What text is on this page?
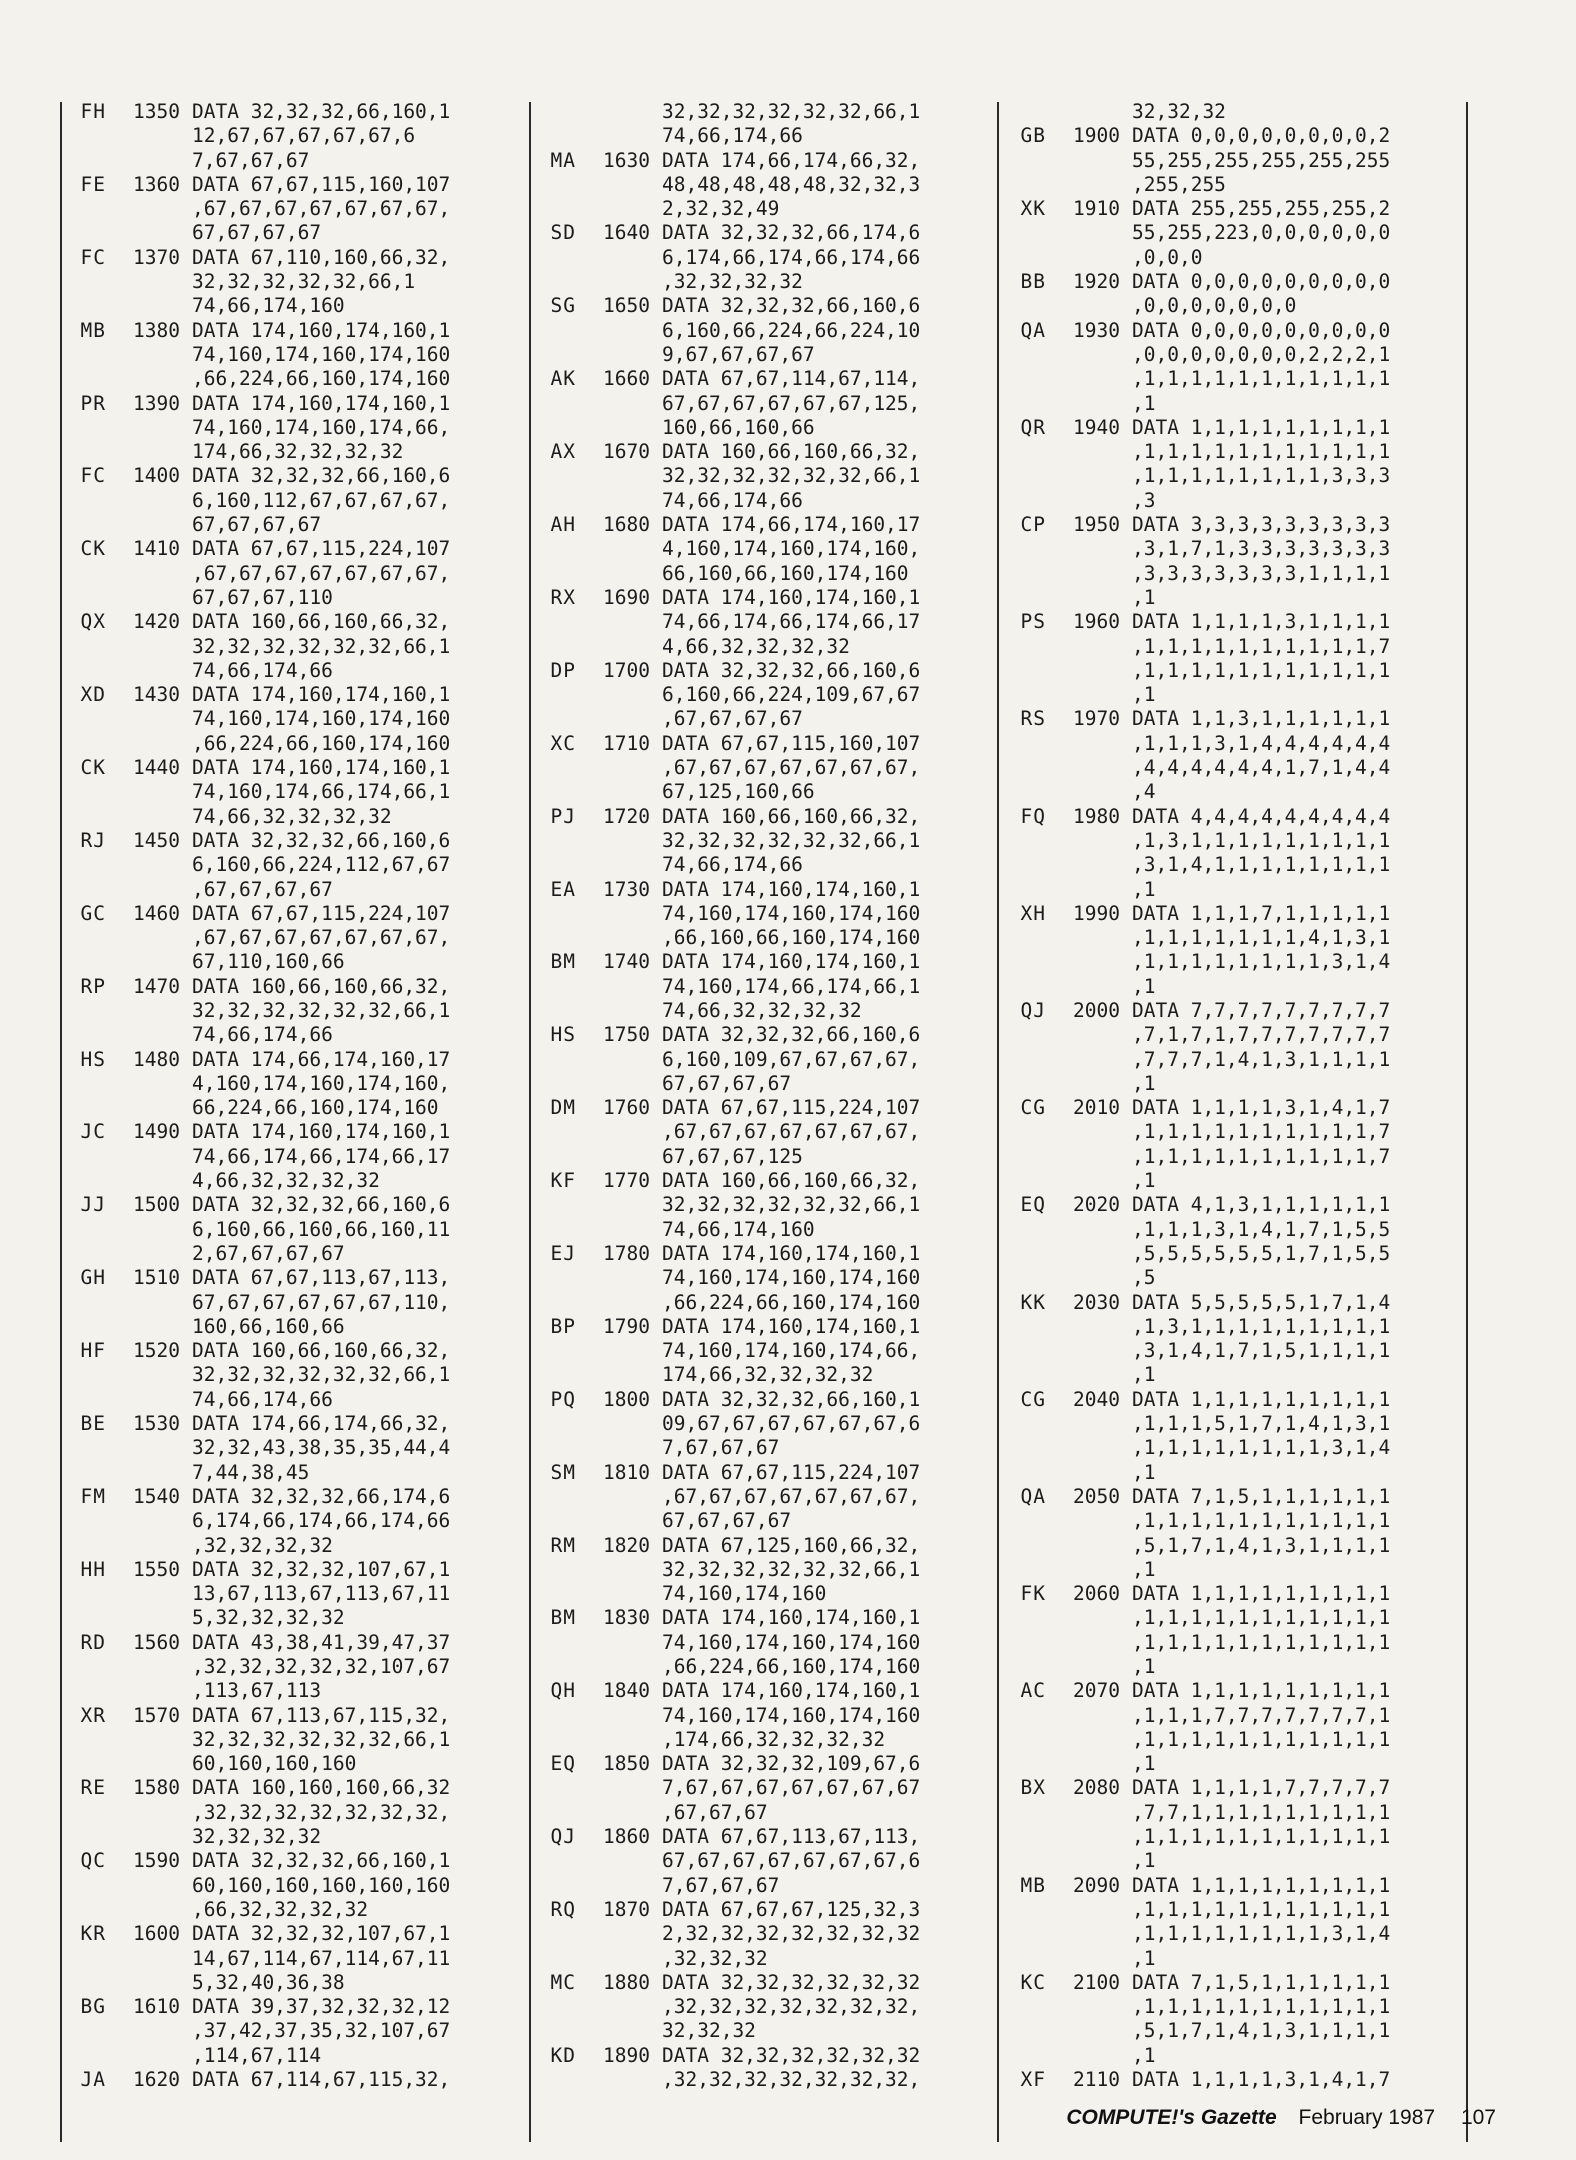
FH	1350 DATA 32,32,32,66,160,1
12,67,67,67,67,67,6
7,67,67,67
FE	1360 DATA 67,67,115,160,107
,67,67,67,67,67,67,67,
67,67,67,67
FC	1370 DATA 67,110,160,66,32,
32,32,32,32,32,66,1
74,66,174,160
MB	1380 DATA 174,160,174,160,1
74,160,174,160,174,160
,66,224,66,160,174,160
PR	1390 DATA 174,160,174,160,1
74,160,174,160,174,66,
174,66,32,32,32,32
FC	1400 DATA 32,32,32,66,160,6
6,160,112,67,67,67,67,
67,67,67,67
CK	1410 DATA 67,67,115,224,107
,67,67,67,67,67,67,67,
67,67,67,110
QX	1420 DATA 160,66,160,66,32,
32,32,32,32,32,32,66,1
74,66,174,66
XD	1430 DATA 174,160,174,160,1
74,160,174,160,174,160
,66,224,66,160,174,160
CK	1440 DATA 174,160,174,160,1
74,160,174,66,174,66,1
74,66,32,32,32,32
RJ	1450 DATA 32,32,32,66,160,6
6,160,66,224,112,67,67
,67,67,67,67
GC	1460 DATA 67,67,115,224,107
,67,67,67,67,67,67,67,
67,110,160,66
RP	1470 DATA 160,66,160,66,32,
32,32,32,32,32,32,66,1
74,66,174,66
HS	1480 DATA 174,66,174,160,17
4,160,174,160,174,160,
66,224,66,160,174,160
JC	1490 DATA 174,160,174,160,1
74,66,174,66,174,66,17
4,66,32,32,32,32
JJ	1500 DATA 32,32,32,66,160,6
6,160,66,160,66,160,11
2,67,67,67,67
GH	1510 DATA 67,67,113,67,113,
67,67,67,67,67,67,110,
160,66,160,66
HF	1520 DATA 160,66,160,66,32,
32,32,32,32,32,32,66,1
74,66,174,66
BE	1530 DATA 174,66,174,66,32,
32,32,43,38,35,35,44,4
7,44,38,45
FM	1540 DATA 32,32,32,66,174,6
6,174,66,174,66,174,66
,32,32,32,32
HH	1550 DATA 32,32,32,107,67,1
13,67,113,67,113,67,11
5,32,32,32,32
RD	1560 DATA 43,38,41,39,47,37
,32,32,32,32,32,107,67
,113,67,113
XR	1570 DATA 67,113,67,115,32,
32,32,32,32,32,32,66,1
60,160,160,160
RE	1580 DATA 160,160,160,66,32
,32,32,32,32,32,32,32,
32,32,32,32
QC	1590 DATA 32,32,32,66,160,1
60,160,160,160,160,160
,66,32,32,32,32
KR	1600 DATA 32,32,32,107,67,1
14,67,114,67,114,67,11
5,32,40,36,38
BG	1610 DATA 39,37,32,32,32,12
,37,42,37,35,32,107,67
,114,67,114
JA	1620 DATA 67,114,67,115,32,
32,32,32,32,32,32,66,1
74,66,174,66
MA	1630 DATA 174,66,174,66,32,
48,48,48,48,48,32,32,3
2,32,32,49
SD	1640 DATA 32,32,32,66,174,6
6,174,66,174,66,174,66
,32,32,32,32
SG	1650 DATA 32,32,32,66,160,6
6,160,66,224,66,224,10
9,67,67,67,67
AK	1660 DATA 67,67,114,67,114,
67,67,67,67,67,67,125,
160,66,160,66
AX	1670 DATA 160,66,160,66,32,
32,32,32,32,32,32,66,1
74,66,174,66
AH	1680 DATA 174,66,174,160,17
4,160,174,160,174,160,
66,160,66,160,174,160
RX	1690 DATA 174,160,174,160,1
74,66,174,66,174,66,17
4,66,32,32,32,32
DP	1700 DATA 32,32,32,66,160,6
6,160,66,224,109,67,67
,67,67,67,67
XC	1710 DATA 67,67,115,160,107
,67,67,67,67,67,67,67,
67,125,160,66
PJ	1720 DATA 160,66,160,66,32,
32,32,32,32,32,32,66,1
74,66,174,66
EA	1730 DATA 174,160,174,160,1
74,160,174,160,174,160
,66,160,66,160,174,160
BM	1740 DATA 174,160,174,160,1
74,160,174,66,174,66,1
74,66,32,32,32,32
HS	1750 DATA 32,32,32,66,160,6
6,160,109,67,67,67,67,
67,67,67,67
DM	1760 DATA 67,67,115,224,107
,67,67,67,67,67,67,67,
67,67,67,125
KF	1770 DATA 160,66,160,66,32,
32,32,32,32,32,32,66,1
74,66,174,160
EJ	1780 DATA 174,160,174,160,1
74,160,174,160,174,160
,66,224,66,160,174,160
BP	1790 DATA 174,160,174,160,1
74,160,174,160,174,66,
174,66,32,32,32,32
PQ	1800 DATA 32,32,32,66,160,1
09,67,67,67,67,67,67,6
7,67,67,67
SM	1810 DATA 67,67,115,224,107
,67,67,67,67,67,67,67,
67,67,67,67
RM	1820 DATA 67,125,160,66,32,
32,32,32,32,32,32,66,1
74,160,174,160
BM	1830 DATA 174,160,174,160,1
74,160,174,160,174,160
,66,224,66,160,174,160
QH	1840 DATA 174,160,174,160,1
74,160,174,160,174,160
,174,66,32,32,32,32
EQ	1850 DATA 32,32,32,109,67,6
7,67,67,67,67,67,67,67
,67,67,67
QJ	1860 DATA 67,67,113,67,113,
67,67,67,67,67,67,67,6
7,67,67,67
RQ	1870 DATA 67,67,67,125,32,3
2,32,32,32,32,32,32,32
,32,32,32
MC	1880 DATA 32,32,32,32,32,32
,32,32,32,32,32,32,32,
32,32,32
KD	1890 DATA 32,32,32,32,32,32
,32,32,32,32,32,32,32,
32,32,32
GB	1900 DATA 0,0,0,0,0,0,0,0,2
55,255,255,255,255,255
,255,255
XK	1910 DATA 255,255,255,255,2
55,255,223,0,0,0,0,0,0
,0,0,0
BB	1920 DATA 0,0,0,0,0,0,0,0,0
,0,0,0,0,0,0,0
QA	1930 DATA 0,0,0,0,0,0,0,0,0
,0,0,0,0,0,0,0,2,2,2,1
,1,1,1,1,1,1,1,1,1,1,1
,1
QR	1940 DATA 1,1,1,1,1,1,1,1,1
,1,1,1,1,1,1,1,1,1,1,1
,1,1,1,1,1,1,1,1,3,3,3
,3
CP	1950 DATA 3,3,3,3,3,3,3,3,3
,3,1,7,1,3,3,3,3,3,3,3
,3,3,3,3,3,3,3,1,1,1,1
,1
PS	1960 DATA 1,1,1,1,3,1,1,1,1
,1,1,1,1,1,1,1,1,1,1,7
,1,1,1,1,1,1,1,1,1,1,1
,1
RS	1970 DATA 1,1,3,1,1,1,1,1,1
,1,1,1,3,1,4,4,4,4,4,4
,4,4,4,4,4,4,1,7,1,4,4
,4
FQ	1980 DATA 4,4,4,4,4,4,4,4,4
,1,3,1,1,1,1,1,1,1,1,1
,3,1,4,1,1,1,1,1,1,1,1
,1
XH	1990 DATA 1,1,1,7,1,1,1,1,1
,1,1,1,1,1,1,1,4,1,3,1
,1,1,1,1,1,1,1,1,3,1,4
,1
QJ	2000 DATA 7,7,7,7,7,7,7,7,7
,7,1,7,1,7,7,7,7,7,7,7
,7,7,7,1,4,1,3,1,1,1,1
,1
CG	2010 DATA 1,1,1,1,3,1,4,1,7
,1,1,1,1,1,1,1,1,1,1,7
,1,1,1,1,1,1,1,1,1,1,7
,1
EQ	2020 DATA 4,1,3,1,1,1,1,1,1
,1,1,1,3,1,4,1,7,1,5,5
,5,5,5,5,5,5,1,7,1,5,5
,5
KK	2030 DATA 5,5,5,5,5,1,7,1,4
,1,3,1,1,1,1,1,1,1,1,1
,3,1,4,1,7,1,5,1,1,1,1
,1
CG	2040 DATA 1,1,1,1,1,1,1,1,1
,1,1,1,5,1,7,1,4,1,3,1
,1,1,1,1,1,1,1,1,3,1,4
,1
QA	2050 DATA 7,1,5,1,1,1,1,1,1
,1,1,1,1,1,1,1,1,1,1,1
,5,1,7,1,4,1,3,1,1,1,1
,1
FK	2060 DATA 1,1,1,1,1,1,1,1,1
,1,1,1,1,1,1,1,1,1,1,1
,1,1,1,1,1,1,1,1,1,1,1
,1
AC	2070 DATA 1,1,1,1,1,1,1,1,1
,1,1,1,7,7,7,7,7,7,7,1
,1,1,1,1,1,1,1,1,1,1,1
,1
BX	2080 DATA 1,1,1,1,7,7,7,7,7
,7,7,1,1,1,1,1,1,1,1,1
,1,1,1,1,1,1,1,1,1,1,1
,1
MB	2090 DATA 1,1,1,1,1,1,1,1,1
,1,1,1,1,1,1,1,1,1,1,1
,1,1,1,1,1,1,1,1,3,1,4
,1
KC	2100 DATA 7,1,5,1,1,1,1,1,1
,1,1,1,1,1,1,1,1,1,1,1
,5,1,7,1,4,1,3,1,1,1,1
,1
XF	2110 DATA 1,1,1,1,3,1,4,1,7
COMPUTE!'s Gazette February 1987 107
